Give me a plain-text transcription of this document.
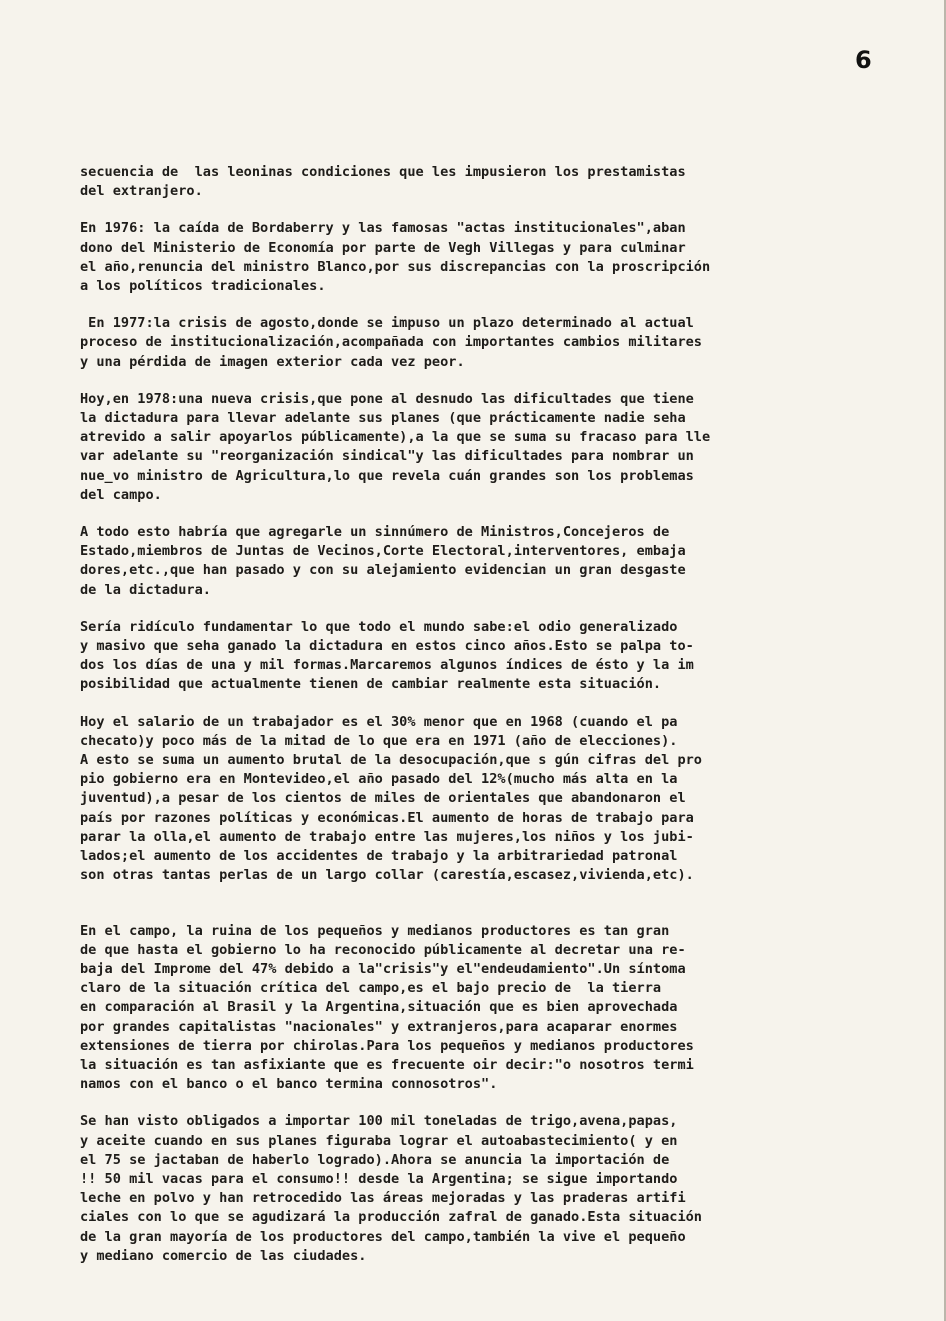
6

secuencia de  las leoninas condiciones que les impusieron los prestamistas
del extranjero.

En 1976: la caída de Bordaberry y las famosas "actas institucionales",aban
dono del Ministerio de Economía por parte de Vegh Villegas y para culminar
el año,renuncia del ministro Blanco,por sus discrepancias con la proscripción
a los políticos tradicionales.

En 1977:la crisis de agosto,donde se impuso un plazo determinado al actual
proceso de institucionalización,acompañada con importantes cambios militares
y una pérdida de imagen exterior cada vez peor.

Hoy,en 1978:una nueva crisis,que pone al desnudo las dificultades que tiene
la dictadura para llevar adelante sus planes (que prácticamente nadie seha
atrevido a salir apoyarlos públicamente),a la que se suma su fracaso para lle
var adelante su "reorganización sindical"y las dificultades para nombrar un
nue_vo ministro de Agricultura,lo que revela cuán grandes son los problemas
del campo.

A todo esto habría que agregarle un sinnúmero de Ministros,Concejeros de
Estado,miembros de Juntas de Vecinos,Corte Electoral,interventores, embaja
dores,etc.,que han pasado y con su alejamiento evidencian un gran desgaste
de la dictadura.

Sería ridículo fundamentar lo que todo el mundo sabe:el odio generalizado
y masivo que seha ganado la dictadura en estos cinco años.Esto se palpa to-
dos los días de una y mil formas.Marcaremos algunos índices de ésto y la im
posibilidad que actualmente tienen de cambiar realmente esta situación.

Hoy el salario de un trabajador es el 30% menor que en 1968 (cuando el pa
checato)y poco más de la mitad de lo que era en 1971 (año de elecciones).
A esto se suma un aumento brutal de la desocupación,que s gún cifras del pro
pio gobierno era en Montevideo,el año pasado del 12%(mucho más alta en la
juventud),a pesar de los cientos de miles de orientales que abandonaron el
país por razones políticas y económicas.El aumento de horas de trabajo para
parar la olla,el aumento de trabajo entre las mujeres,los niños y los jubi-
lados;el aumento de los accidentes de trabajo y la arbitrariedad patronal
son otras tantas perlas de un largo collar (carestía,escasez,vivienda,etc).

En el campo, la ruina de los pequeños y medianos productores es tan gran
de que hasta el gobierno lo ha reconocido públicamente al decretar una re-
baja del Improme del 47% debido a la"crisis"y el"endeudamiento".Un síntoma
claro de la situación crítica del campo,es el bajo precio de  la tierra
en comparación al Brasil y la Argentina,situación que es bien aprovechada
por grandes capitalistas "nacionales" y extranjeros,para acaparar enormes
extensiones de tierra por chirolas.Para los pequeños y medianos productores
la situación es tan asfixiante que es frecuente oir decir:"o nosotros termi
namos con el banco o el banco termina connosotros".

Se han visto obligados a importar 100 mil toneladas de trigo,avena,papas,
y aceite cuando en sus planes figuraba lograr el autoabastecimiento( y en
el 75 se jactaban de haberlo logrado).Ahora se anuncia la importación de
!! 50 mil vacas para el consumo!! desde la Argentina; se sigue importando
leche en polvo y han retrocedido las áreas mejoradas y las praderas artifi
ciales con lo que se agudizará la producción zafral de ganado.Esta situación
de la gran mayoría de los productores del campo,también la vive el pequeño
y mediano comercio de las ciudades.
